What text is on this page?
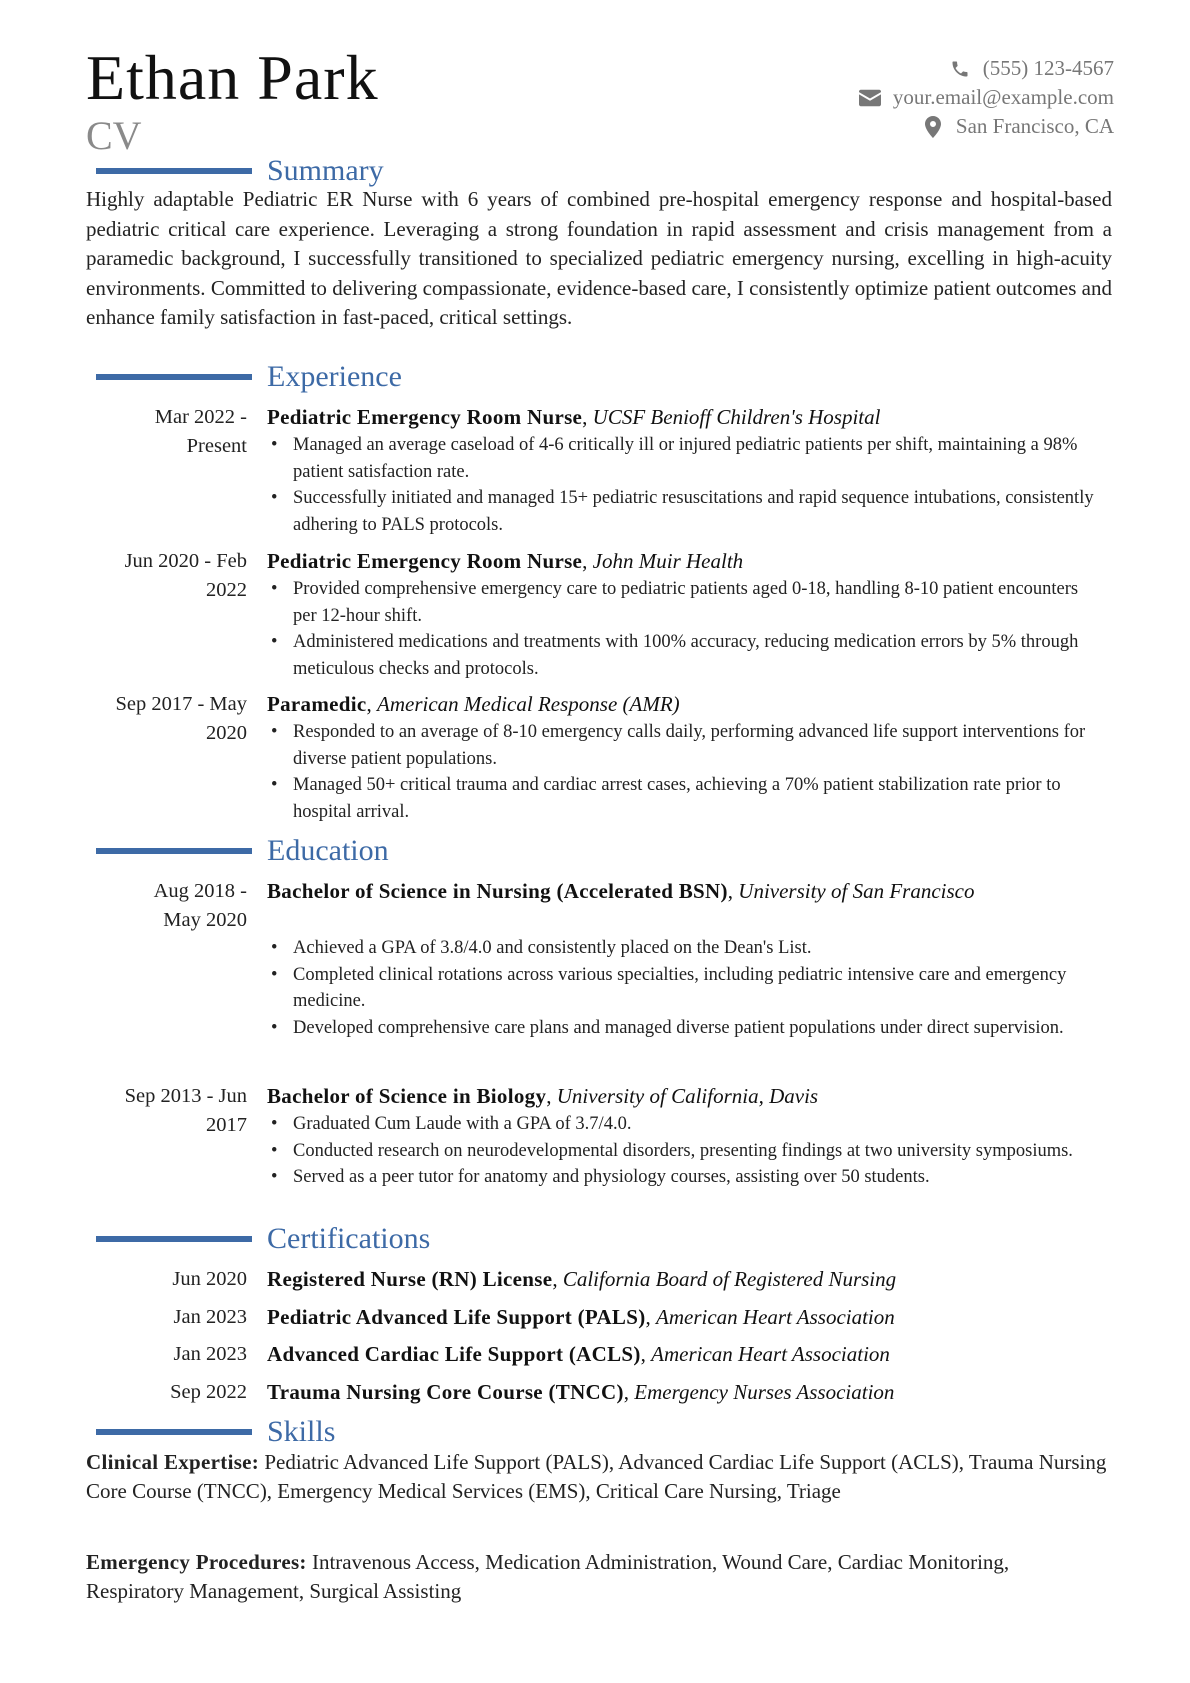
Ethan Park
CV
(555) 123-4567
your.email@example.com
San Francisco, CA
Summary
Highly adaptable Pediatric ER Nurse with 6 years of combined pre-hospital emergency response and hospital-based pediatric critical care experience. Leveraging a strong foundation in rapid assessment and crisis management from a paramedic background, I successfully transitioned to specialized pediatric emergency nursing, excelling in high-acuity environments. Committed to delivering compassionate, evidence-based care, I consistently optimize patient outcomes and enhance family satisfaction in fast-paced, critical settings.
Experience
Mar 2022 -
Present
Pediatric Emergency Room Nurse, UCSF Benioff Children's Hospital
• Managed an average caseload of 4-6 critically ill or injured pediatric patients per shift, maintaining a 98% patient satisfaction rate.
• Successfully initiated and managed 15+ pediatric resuscitations and rapid sequence intubations, consistently adhering to PALS protocols.
Jun 2020 - Feb
2022
Pediatric Emergency Room Nurse, John Muir Health
• Provided comprehensive emergency care to pediatric patients aged 0-18, handling 8-10 patient encounters per 12-hour shift.
• Administered medications and treatments with 100% accuracy, reducing medication errors by 5% through meticulous checks and protocols.
Sep 2017 - May
2020
Paramedic, American Medical Response (AMR)
• Responded to an average of 8-10 emergency calls daily, performing advanced life support interventions for diverse patient populations.
• Managed 50+ critical trauma and cardiac arrest cases, achieving a 70% patient stabilization rate prior to hospital arrival.
Education
Aug 2018 -
May 2020
Bachelor of Science in Nursing (Accelerated BSN), University of San Francisco
• Achieved a GPA of 3.8/4.0 and consistently placed on the Dean's List.
• Completed clinical rotations across various specialties, including pediatric intensive care and emergency medicine.
• Developed comprehensive care plans and managed diverse patient populations under direct supervision.
Sep 2013 - Jun
2017
Bachelor of Science in Biology, University of California, Davis
• Graduated Cum Laude with a GPA of 3.7/4.0.
• Conducted research on neurodevelopmental disorders, presenting findings at two university symposiums.
• Served as a peer tutor for anatomy and physiology courses, assisting over 50 students.
Certifications
Jun 2020 Registered Nurse (RN) License, California Board of Registered Nursing
Jan 2023 Pediatric Advanced Life Support (PALS), American Heart Association
Jan 2023 Advanced Cardiac Life Support (ACLS), American Heart Association
Sep 2022 Trauma Nursing Core Course (TNCC), Emergency Nurses Association
Skills
Clinical Expertise: Pediatric Advanced Life Support (PALS), Advanced Cardiac Life Support (ACLS), Trauma Nursing Core Course (TNCC), Emergency Medical Services (EMS), Critical Care Nursing, Triage
Emergency Procedures: Intravenous Access, Medication Administration, Wound Care, Cardiac Monitoring, Respiratory Management, Surgical Assisting
